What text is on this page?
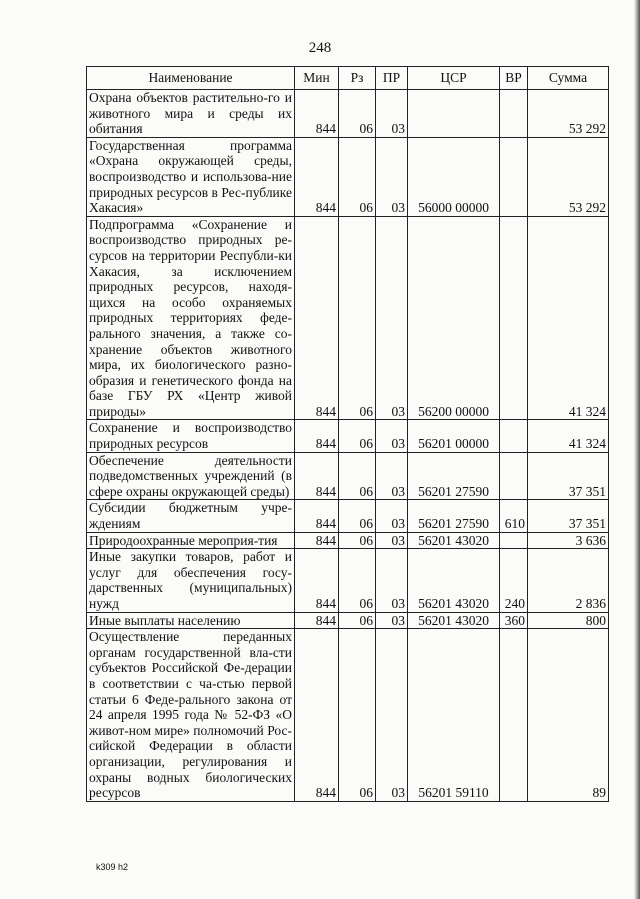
248
Наименование	Мин	Рз	ПР	ЦСР	ВР	Сумма
Охрана объектов растительно-го и животного мира и среды их обитания	844	06	03			53 292
Государственная программа «Охрана окружающей среды, воспроизводство и использова-ние природных ресурсов в Рес-публике Хакасия»	844	06	03	56000 00000		53 292
Подпрограмма «Сохранение и воспроизводство природных ре-сурсов на территории Республи-ки Хакасия, за исключением природных ресурсов, находя-щихся на особо охраняемых природных территориях феде-рального значения, а также со-хранение объектов животного мира, их биологического разно-образия и генетического фонда на базе ГБУ РХ «Центр живой природы»	844	06	03	56200 00000		41 324
Сохранение и воспроизводство природных ресурсов	844	06	03	56201 00000		41 324
Обеспечение деятельности подведомственных учреждений (в сфере охраны окружающей среды)	844	06	03	56201 27590		37 351
Субсидии бюджетным учре-ждениям	844	06	03	56201 27590	610	37 351
Природоохранные мероприя-тия	844	06	03	56201 43020		3 636
Иные закупки товаров, работ и услуг для обеспечения госу-дарственных (муниципальных) нужд	844	06	03	56201 43020	240	2 836
Иные выплаты населению	844	06	03	56201 43020	360	800
Осуществление переданных органам государственной вла-сти субъектов Российской Фе-дерации в соответствии с ча-стью первой статьи 6 Феде-рального закона от 24 апреля 1995 года № 52-ФЗ «О живот-ном мире» полномочий Рос-сийской Федерации в области организации, регулирования и охраны водных биологических ресурсов	844	06	03	56201 59110		89
k309 h2
